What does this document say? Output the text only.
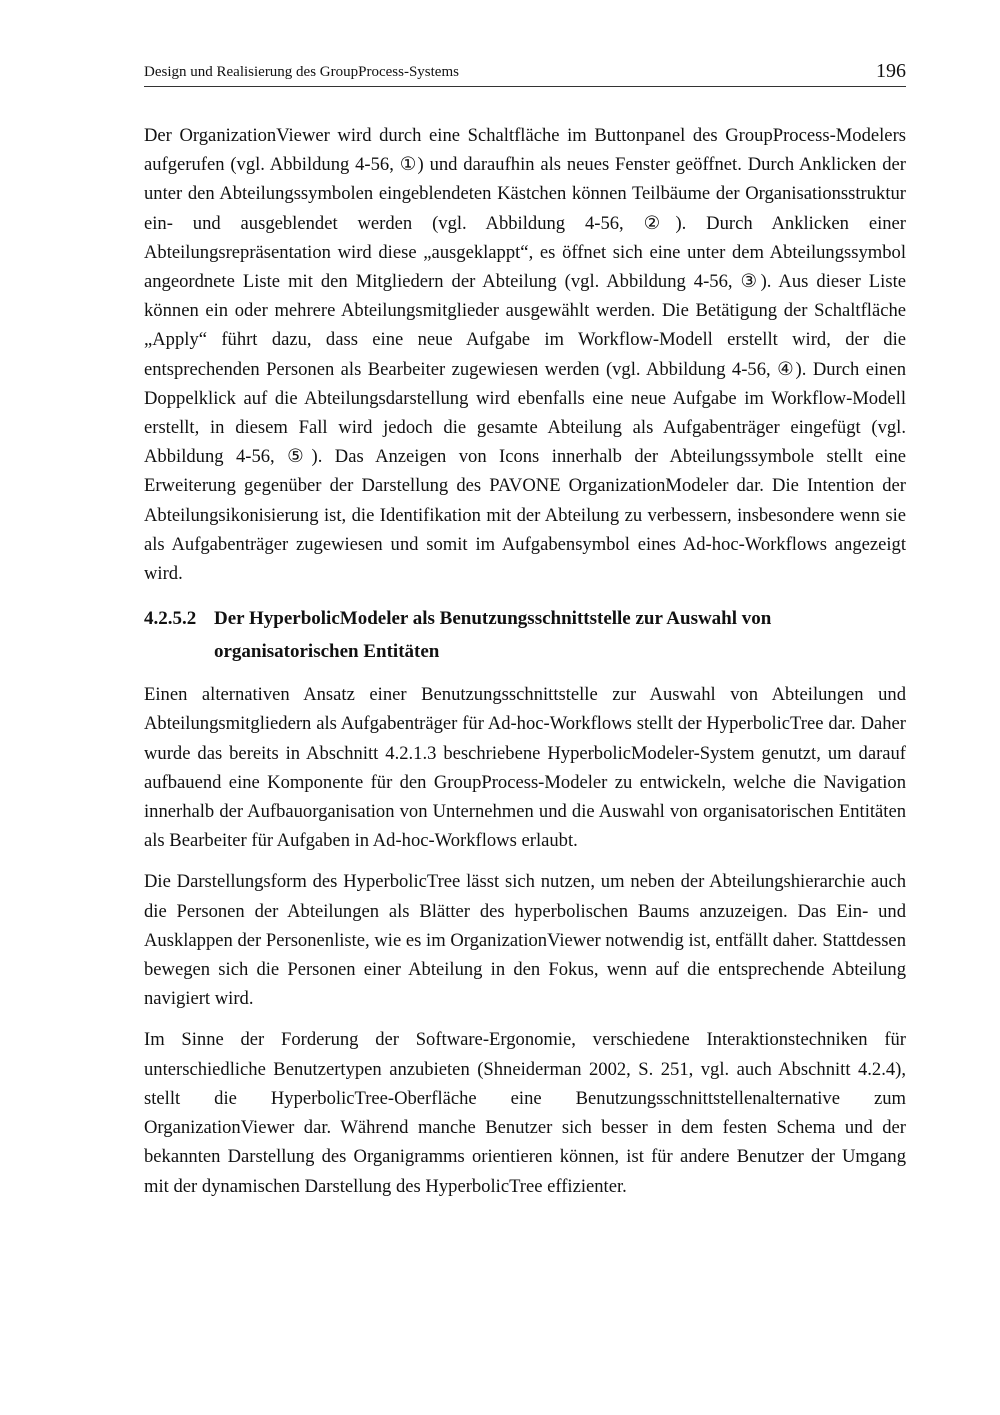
Design und Realisierung des GroupProcess-Systems	196

Der OrganizationViewer wird durch eine Schaltfläche im Buttonpanel des GroupProcess-Modelers aufgerufen (vgl. Abbildung 4-56, ①) und daraufhin als neues Fenster geöffnet. Durch Anklicken der unter den Abteilungssymbolen eingeblendeten Kästchen können Teilbäume der Organisationsstruktur ein- und ausgeblendet werden (vgl. Abbildung 4-56, ②). Durch Anklicken einer Abteilungsrepräsentation wird diese „ausgeklappt“, es öffnet sich eine unter dem Abteilungssymbol angeordnete Liste mit den Mitgliedern der Abteilung (vgl. Abbildung 4-56, ③). Aus dieser Liste können ein oder mehrere Abteilungsmitglieder ausgewählt werden. Die Betätigung der Schaltfläche „Apply“ führt dazu, dass eine neue Aufgabe im Workflow-Modell erstellt wird, der die entsprechenden Personen als Bearbeiter zugewiesen werden (vgl. Abbildung 4-56, ④). Durch einen Doppelklick auf die Abteilungsdarstellung wird ebenfalls eine neue Aufgabe im Workflow-Modell erstellt, in diesem Fall wird jedoch die gesamte Abteilung als Aufgabenträger eingefügt (vgl. Abbildung 4-56, ⑤). Das Anzeigen von Icons innerhalb der Abteilungssymbole stellt eine Erweiterung gegenüber der Darstellung des PAVONE OrganizationModeler dar. Die Intention der Abteilungsikonisierung ist, die Identifikation mit der Abteilung zu verbessern, insbesondere wenn sie als Aufgabenträger zugewiesen und somit im Aufgabensymbol eines Ad-hoc-Workflows angezeigt wird.

4.2.5.2 Der HyperbolicModeler als Benutzungsschnittstelle zur Auswahl von organisatorischen Entitäten

Einen alternativen Ansatz einer Benutzungsschnittstelle zur Auswahl von Abteilungen und Abteilungsmitgliedern als Aufgabenträger für Ad-hoc-Workflows stellt der HyperbolicTree dar. Daher wurde das bereits in Abschnitt 4.2.1.3 beschriebene HyperbolicModeler-System genutzt, um darauf aufbauend eine Komponente für den GroupProcess-Modeler zu entwickeln, welche die Navigation innerhalb der Aufbauorganisation von Unternehmen und die Auswahl von organisatorischen Entitäten als Bearbeiter für Aufgaben in Ad-hoc-Workflows erlaubt.

Die Darstellungsform des HyperbolicTree lässt sich nutzen, um neben der Abteilungshierarchie auch die Personen der Abteilungen als Blätter des hyperbolischen Baums anzuzeigen. Das Ein- und Ausklappen der Personenliste, wie es im OrganizationViewer notwendig ist, entfällt daher. Stattdessen bewegen sich die Personen einer Abteilung in den Fokus, wenn auf die entsprechende Abteilung navigiert wird.

Im Sinne der Forderung der Software-Ergonomie, verschiedene Interaktionstechniken für unterschiedliche Benutzertypen anzubieten (Shneiderman 2002, S. 251, vgl. auch Abschnitt 4.2.4), stellt die HyperbolicTree-Oberfläche eine Benutzungsschnittstellenalternative zum OrganizationViewer dar. Während manche Benutzer sich besser in dem festen Schema und der bekannten Darstellung des Organigramms orientieren können, ist für andere Benutzer der Umgang mit der dynamischen Darstellung des HyperbolicTree effizienter.
